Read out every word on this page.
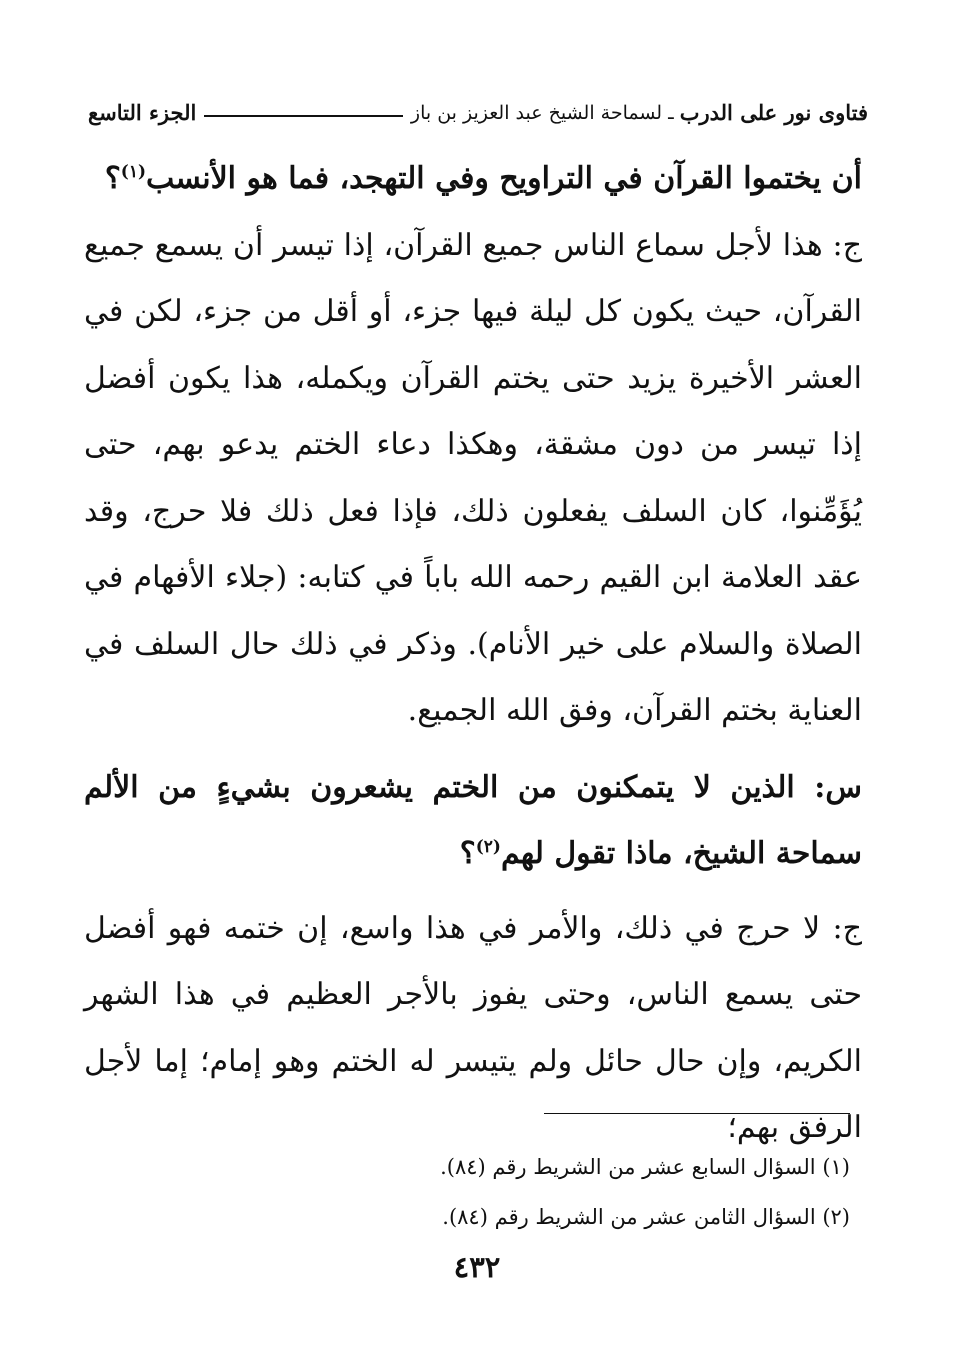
فتاوى نور على الدرب
ـ لسماحة الشيخ عبد العزيز بن باز
الجزء التاسع

أن يختموا القرآن في التراويح وفي التهجد، فما هو الأنسب$^{(١)}$؟

ج: هذا لأجل سماع الناس جميع القرآن، إذا تيسر أن يسمع جميع القرآن، حيث يكون كل ليلة فيها جزء، أو أقل من جزء، لكن في العشر الأخيرة يزيد حتى يختم القرآن ويكمله، هذا يكون أفضل إذا تيسر من دون مشقة، وهكذا دعاء الختم يدعو بهم، حتى يُؤَمِّنوا، كان السلف يفعلون ذلك، فإذا فعل ذلك فلا حرج، وقد عقد العلامة ابن القيم رحمه الله باباً في كتابه: (جلاء الأفهام في الصلاة والسلام على خير الأنام). وذكر في ذلك حال السلف في العناية بختم القرآن، وفق الله الجميع.

س: الذين لا يتمكنون من الختم يشعرون بشيءٍ من الألم سماحة الشيخ، ماذا تقول لهم$^{(٢)}$؟

ج: لا حرج في ذلك، والأمر في هذا واسع، إن ختمه فهو أفضل حتى يسمع الناس، وحتى يفوز بالأجر العظيم في هذا الشهر الكريم، وإن حال حائل ولم يتيسر له الختم وهو إمام؛ إما لأجل الرفق بهم؛

(١) السؤال السابع عشر من الشريط رقم (٨٤).
(٢) السؤال الثامن عشر من الشريط رقم (٨٤).
٤٣٢
